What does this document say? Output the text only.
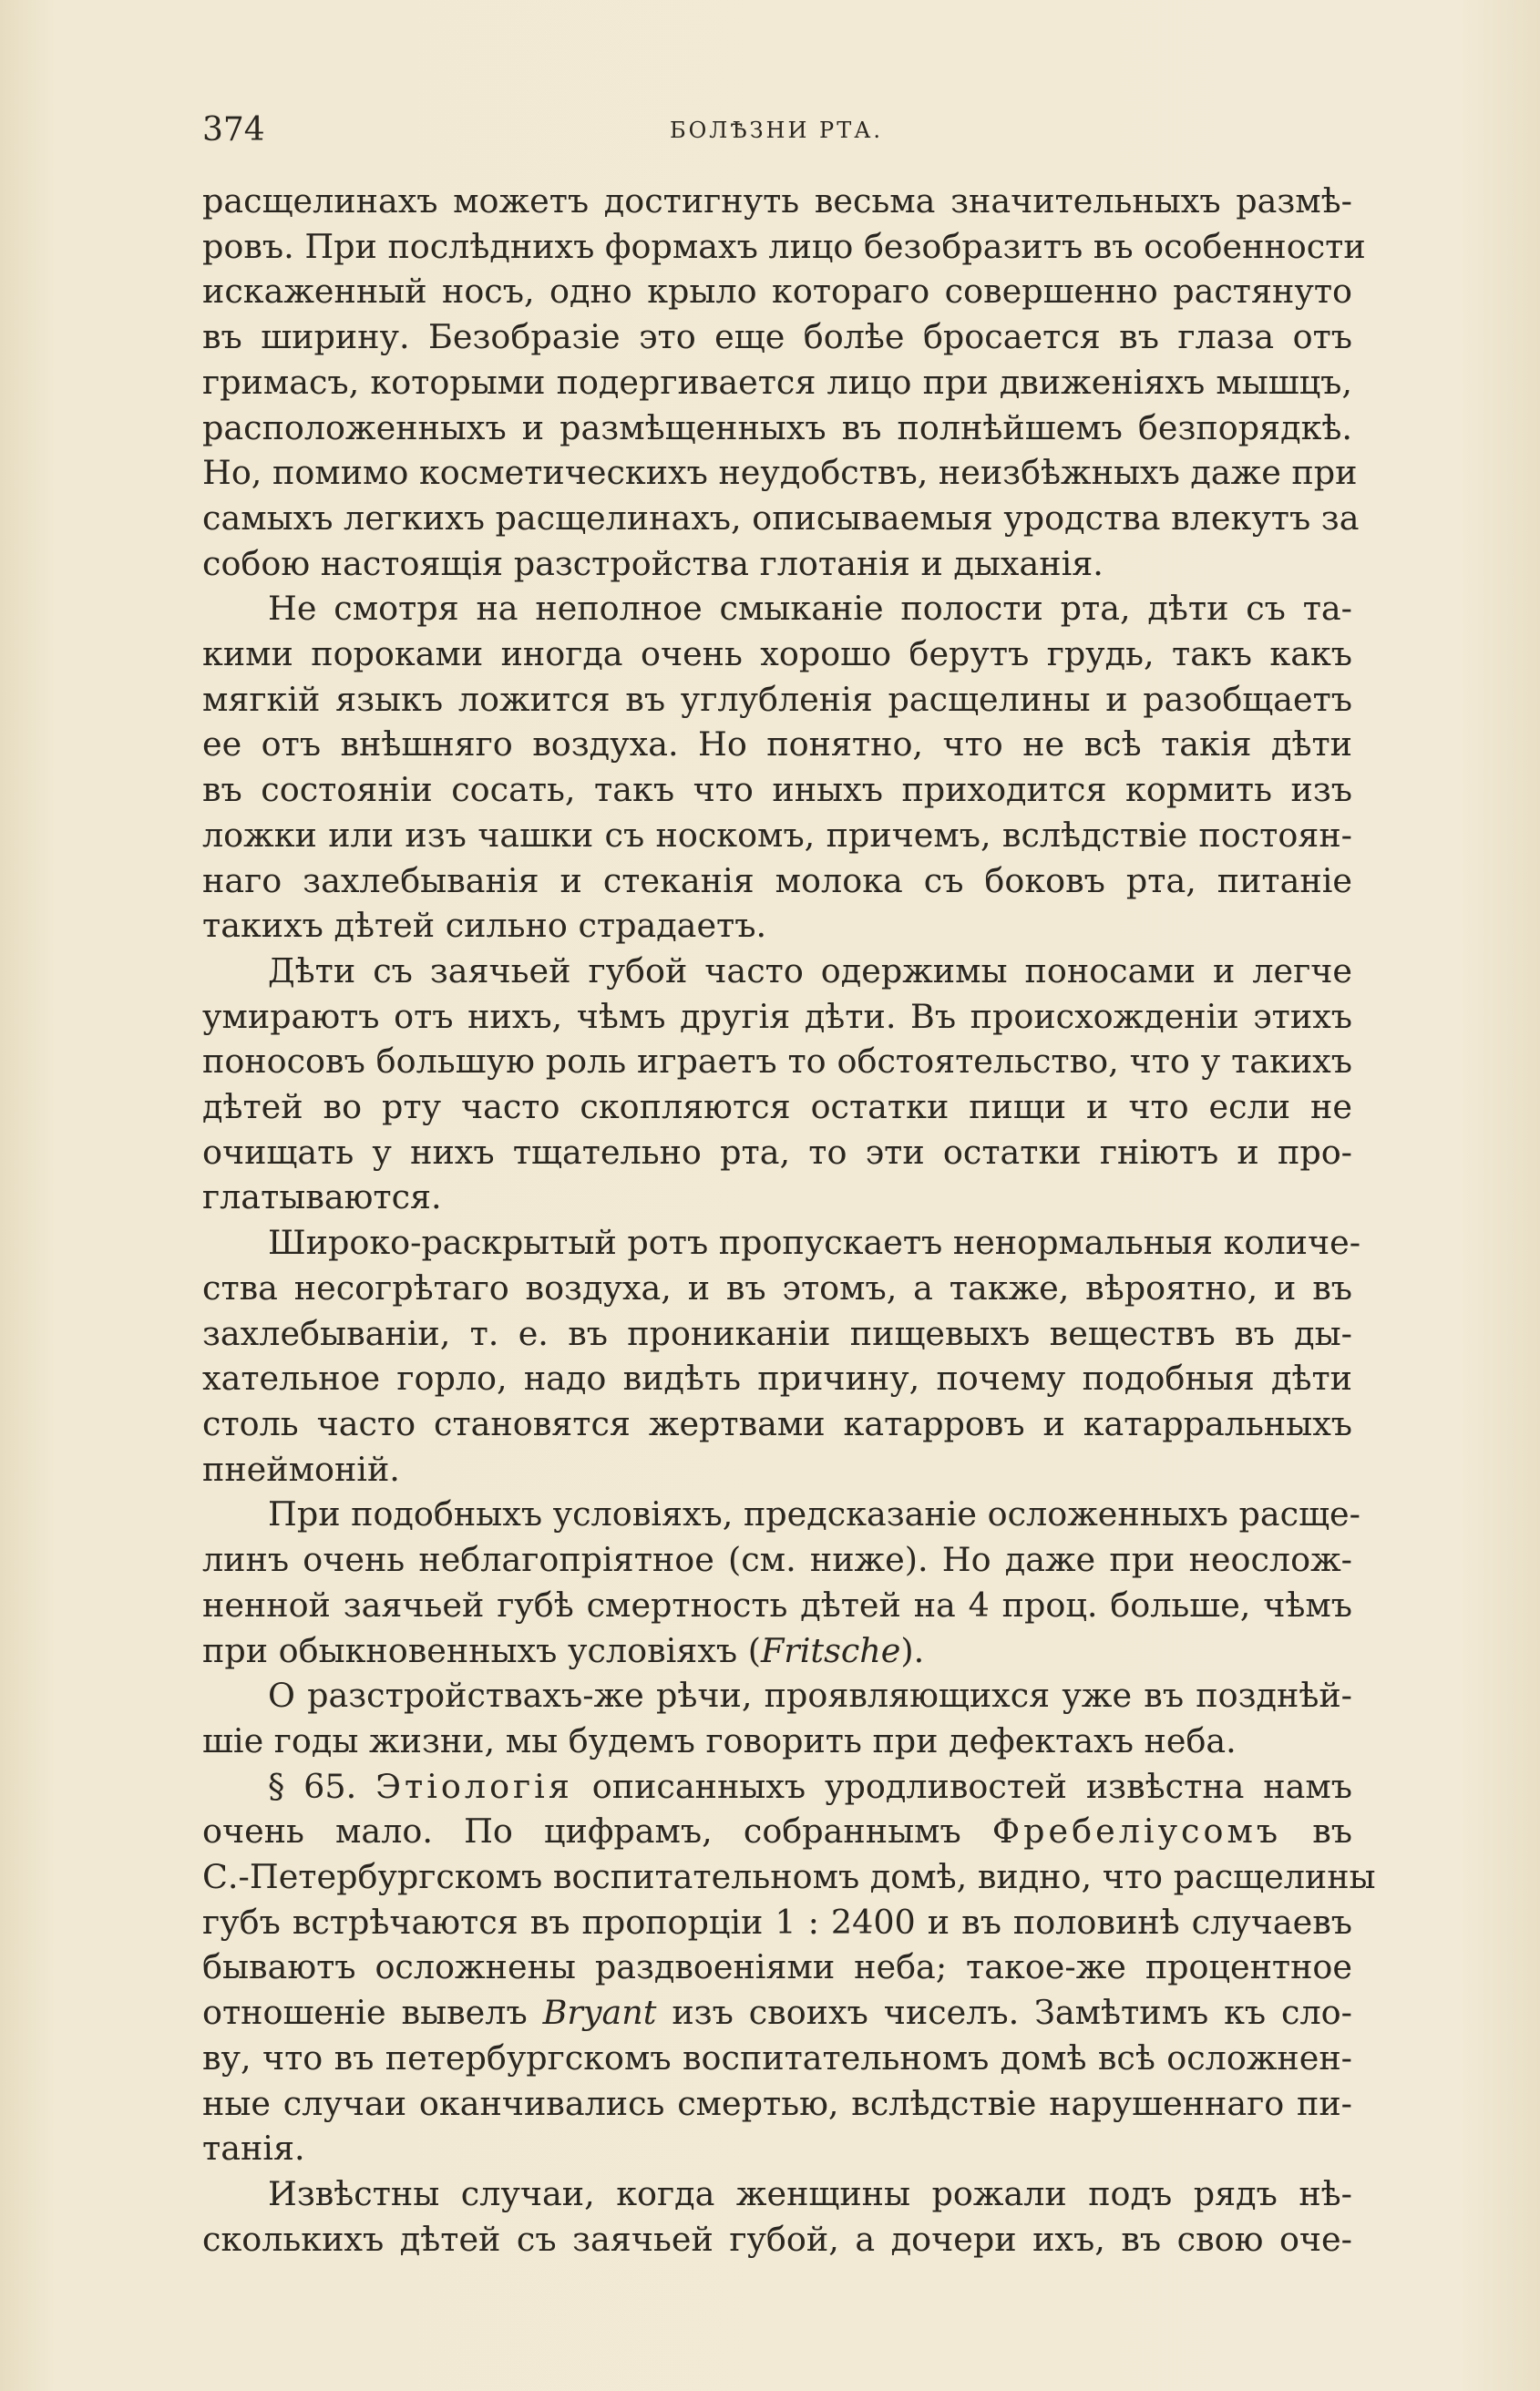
374	БОЛѢЗНИ РТА.
расщелинахъ можетъ достигнуть весьма значительныхъ размѣ-
ровъ. При послѣднихъ формахъ лицо безобразитъ въ особенности
искаженный носъ, одно крыло котораго совершенно растянуто
въ ширину. Безобразіе это еще болѣе бросается въ глаза отъ
гримасъ, которыми подергивается лицо при движеніяхъ мышцъ,
расположенныхъ и размѣщенныхъ въ полнѣйшемъ безпорядкѣ.
Но, помимо косметическихъ неудобствъ, неизбѣжныхъ даже при
самыхъ легкихъ расщелинахъ, описываемыя уродства влекутъ за
собою настоящія разстройства глотанія и дыханія.
Не смотря на неполное смыканіе полости рта, дѣти съ та-
кими пороками иногда очень хорошо берутъ грудь, такъ какъ
мягкій языкъ ложится въ углубленія расщелины и разобщаетъ
ее отъ внѣшняго воздуха. Но понятно, что не всѣ такія дѣти
въ состояніи сосать, такъ что иныхъ приходится кормить изъ
ложки или изъ чашки съ носкомъ, причемъ, вслѣдствіе постоян-
наго захлебыванія и стеканія молока съ боковъ рта, питаніе
такихъ дѣтей сильно страдаетъ.
Дѣти съ заячьей губой часто одержимы поносами и легче
умираютъ отъ нихъ, чѣмъ другія дѣти. Въ происхожденіи этихъ
поносовъ большую роль играетъ то обстоятельство, что у такихъ
дѣтей во рту часто скопляются остатки пищи и что если не
очищать у нихъ тщательно рта, то эти остатки гніютъ и про-
глатываются.
Широко-раскрытый ротъ пропускаетъ ненормальныя количе-
ства несогрѣтаго воздуха, и въ этомъ, а также, вѣроятно, и въ
захлебываніи, т. е. въ прониканіи пищевыхъ веществъ въ ды-
хательное горло, надо видѣть причину, почему подобныя дѣти
столь часто становятся жертвами катарровъ и катарральныхъ
пнеймоній.
При подобныхъ условіяхъ, предсказаніе осложенныхъ расще-
линъ очень неблагопріятное (см. ниже). Но даже при неослож-
ненной заячьей губѣ смертность дѣтей на 4 проц. больше, чѣмъ
при обыкновенныхъ условіяхъ (Fritsche).
О разстройствахъ-же рѣчи, проявляющихся уже въ позднѣй-
шіе годы жизни, мы будемъ говорить при дефектахъ неба.
§ 65. Этіологія описанныхъ уродливостей извѣстна намъ
очень мало. По цифрамъ, собраннымъ Фребеліусомъ въ
С.-Петербургскомъ воспитательномъ домѣ, видно, что расщелины
губъ встрѣчаются въ пропорціи 1 : 2400 и въ половинѣ случаевъ
бываютъ осложнены раздвоеніями неба; такое-же процентное
отношеніе вывелъ Bryant изъ своихъ чиселъ. Замѣтимъ къ сло-
ву, что въ петербургскомъ воспитательномъ домѣ всѣ осложнен-
ные случаи оканчивались смертью, вслѣдствіе нарушеннаго пи-
танія.
Извѣстны случаи, когда женщины рожали подъ рядъ нѣ-
сколькихъ дѣтей съ заячьей губой, а дочери ихъ, въ свою оче-
